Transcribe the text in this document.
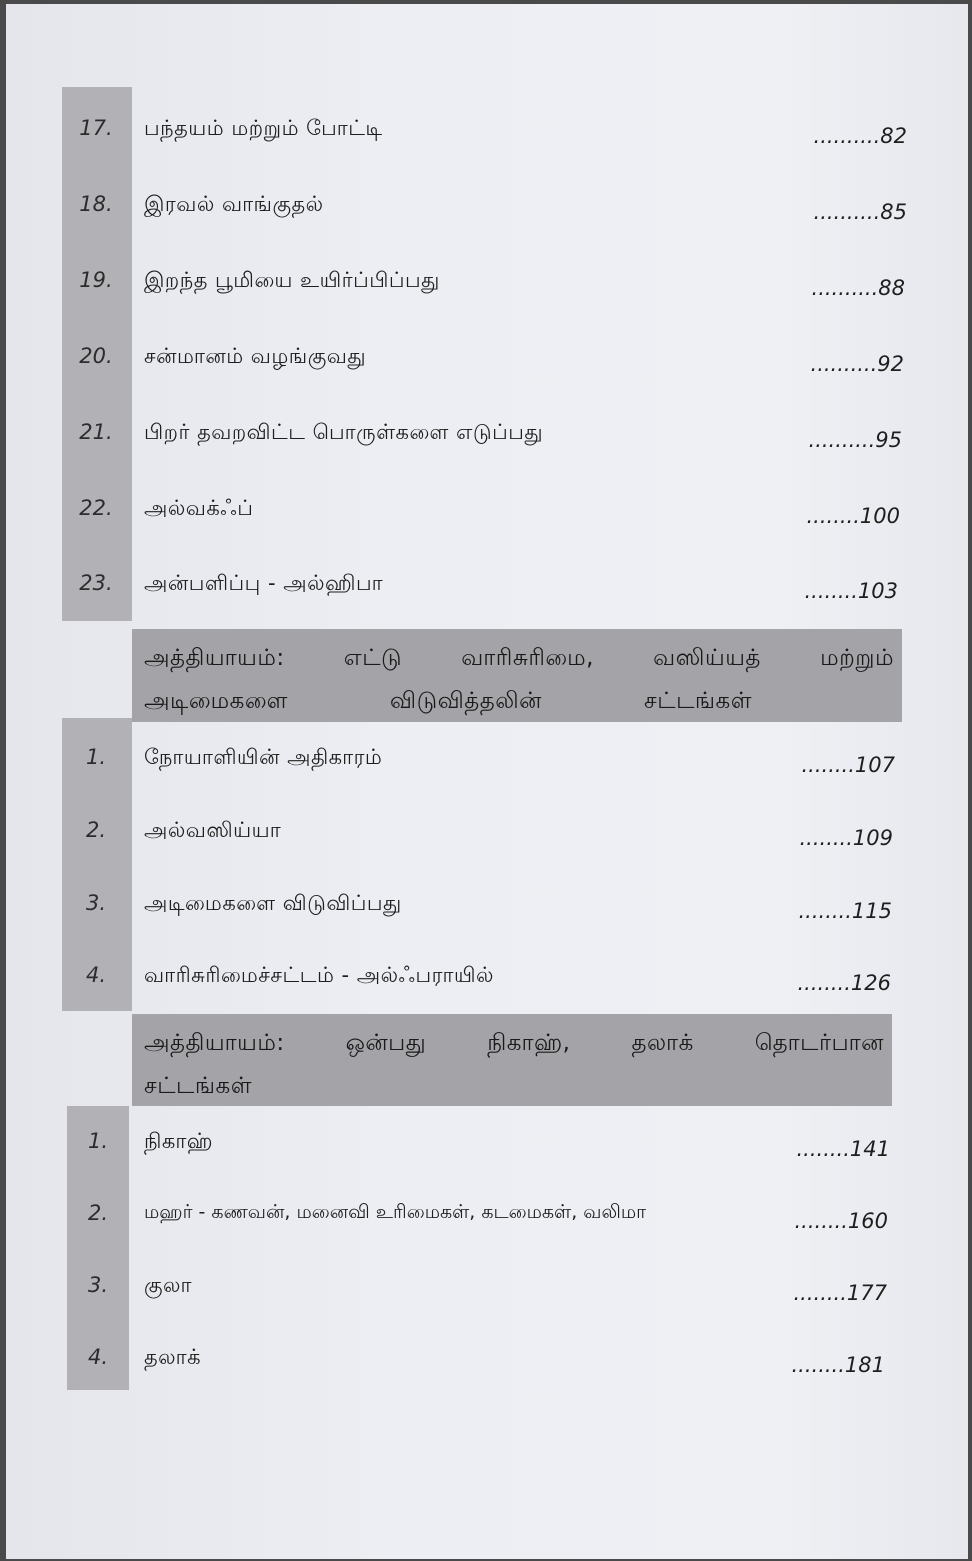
17.	பந்தயம் மற்றும் போட்டி	..........82
18.	இரவல் வாங்குதல்	..........85
19.	இறந்த பூமியை உயிர்ப்பிப்பது	..........88
20.	சன்மானம் வழங்குவது	..........92
21.	பிறர் தவறவிட்ட பொருள்களை எடுப்பது	..........95
22.	அல்வக்ஃப்	........100
23.	அன்பளிப்பு - அல்ஹிபா	........103
அத்தியாயம்:	எட்டு	வாரிசுரிமை,	வஸிய்யத்	மற்றும்
அடிமைகளை	விடுவித்தலின்	சட்டங்கள்
1.	நோயாளியின் அதிகாரம்	........107
2.	அல்வஸிய்யா	........109
3.	அடிமைகளை விடுவிப்பது	........115
4.	வாரிசுரிமைச்சட்டம் - அல்ஃபராயில்	........126
அத்தியாயம்:	ஒன்பது	நிகாஹ்,	தலாக்	தொடர்பான
சட்டங்கள்
1.	நிகாஹ்	........141
2.	மஹர் - கணவன், மனைவி உரிமைகள், கடமைகள், வலிமா	........160
3.	குலா	........177
4.	தலாக்	........181
